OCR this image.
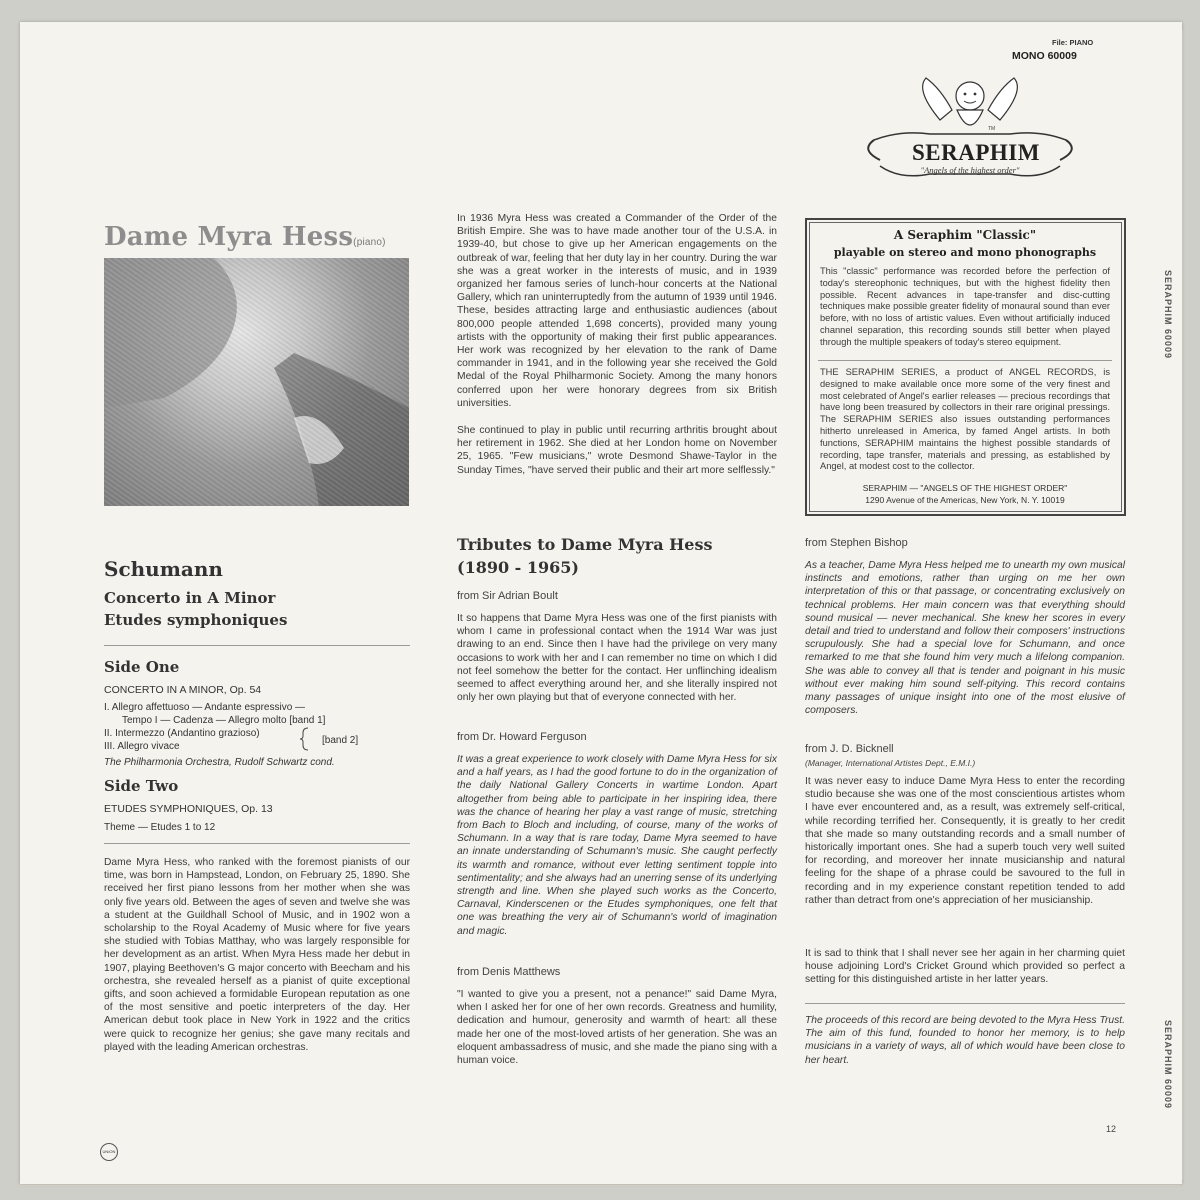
SERAPHIM 60009
SERAPHIM 60009
File: PIANO
MONO 60009
SERAPHIM
"Angels of the highest order"
TM
Dame Myra Hess(piano)
In 1936 Myra Hess was created a Commander of the Order of the British Empire. She was to have made another tour of the U.S.A. in 1939-40, but chose to give up her American engagements on the outbreak of war, feeling that her duty lay in her country. During the war she was a great worker in the interests of music, and in 1939 organized her famous series of lunch-hour concerts at the National Gallery, which ran uninterruptedly from the autumn of 1939 until 1946. These, besides attracting large and enthusiastic audiences (about 800,000 people attended 1,698 concerts), provided many young artists with the opportunity of making their first public appearances. Her work was recognized by her elevation to the rank of Dame commander in 1941, and in the following year she received the Gold Medal of the Royal Philharmonic Society. Among the many honors conferred upon her were honorary degrees from six British universities.
She continued to play in public until recurring arthritis brought about her retirement in 1962. She died at her London home on November 25, 1965. "Few musicians," wrote Desmond Shawe-Taylor in the Sunday Times, "have served their public and their art more selflessly."
A Seraphim "Classic"
playable on stereo and mono phonographs
This "classic" performance was recorded before the perfection of today's stereophonic techniques, but with the highest fidelity then possible. Recent advances in tape-transfer and disc-cutting techniques make possible greater fidelity of monaural sound than ever before, with no loss of artistic values. Even without artificially induced channel separation, this recording sounds still better when played through the multiple speakers of today's stereo equipment.
THE SERAPHIM SERIES, a product of ANGEL RECORDS, is designed to make available once more some of the very finest and most celebrated of Angel's earlier releases — precious recordings that have long been treasured by collectors in their rare original pressings. The SERAPHIM SERIES also issues outstanding performances hitherto unreleased in America, by famed Angel artists. In both functions, SERAPHIM maintains the highest possible standards of recording, tape transfer, materials and pressing, as established by Angel, at modest cost to the collector.
SERAPHIM — "ANGELS OF THE HIGHEST ORDER"
1290 Avenue of the Americas, New York, N. Y. 10019
Schumann
Concerto in A Minor
Etudes symphoniques
Side One
CONCERTO IN A MINOR, Op. 54
I. Allegro affettuoso — Andante espressivo —
Tempo I — Cadenza — Allegro molto [band 1]
II. Intermezzo (Andantino grazioso)
III. Allegro vivace
[band 2]
The Philharmonia Orchestra, Rudolf Schwartz cond.
Side Two
ETUDES SYMPHONIQUES, Op. 13
Theme — Etudes 1 to 12
Dame Myra Hess, who ranked with the foremost pianists of our time, was born in Hampstead, London, on February 25, 1890. She received her first piano lessons from her mother when she was only five years old. Between the ages of seven and twelve she was a student at the Guildhall School of Music, and in 1902 won a scholarship to the Royal Academy of Music where for five years she studied with Tobias Matthay, who was largely responsible for her development as an artist. When Myra Hess made her debut in 1907, playing Beethoven's G major concerto with Beecham and his orchestra, she revealed herself as a pianist of quite exceptional gifts, and soon achieved a formidable European reputation as one of the most sensitive and poetic interpreters of the day. Her American debut took place in New York in 1922 and the critics were quick to recognize her genius; she gave many recitals and played with the leading American orchestras.
Tributes to Dame Myra Hess
(1890 - 1965)
from Sir Adrian Boult
It so happens that Dame Myra Hess was one of the first pianists with whom I came in professional contact when the 1914 War was just drawing to an end. Since then I have had the privilege on very many occasions to work with her and I can remember no time on which I did not feel somehow the better for the contact. Her unflinching idealism seemed to affect everything around her, and she literally inspired not only her own playing but that of everyone connected with her.
from Dr. Howard Ferguson
It was a great experience to work closely with Dame Myra Hess for six and a half years, as I had the good fortune to do in the organization of the daily National Gallery Concerts in wartime London. Apart altogether from being able to participate in her inspiring idea, there was the chance of hearing her play a vast range of music, stretching from Bach to Bloch and including, of course, many of the works of Schumann. In a way that is rare today, Dame Myra seemed to have an innate understanding of Schumann's music. She caught perfectly its warmth and romance, without ever letting sentiment topple into sentimentality; and she always had an unerring sense of its underlying strength and line. When she played such works as the Concerto, Carnaval, Kinderscenen or the Etudes symphoniques, one felt that one was breathing the very air of Schumann's world of imagination and magic.
from Denis Matthews
"I wanted to give you a present, not a penance!" said Dame Myra, when I asked her for one of her own records. Greatness and humility, dedication and humour, generosity and warmth of heart: all these made her one of the most-loved artists of her generation. She was an eloquent ambassadress of music, and she made the piano sing with a human voice.
from Stephen Bishop
As a teacher, Dame Myra Hess helped me to unearth my own musical instincts and emotions, rather than urging on me her own interpretation of this or that passage, or concentrating exclusively on technical problems. Her main concern was that everything should sound musical — never mechanical. She knew her scores in every detail and tried to understand and follow their composers' instructions scrupulously. She had a special love for Schumann, and once remarked to me that she found him very much a lifelong companion. She was able to convey all that is tender and poignant in his music without ever making him sound self-pitying. This record contains many passages of unique insight into one of the most elusive of composers.
from J. D. Bicknell
(Manager, International Artistes Dept., E.M.I.)
It was never easy to induce Dame Myra Hess to enter the recording studio because she was one of the most conscientious artistes whom I have ever encountered and, as a result, was extremely self-critical, while recording terrified her. Consequently, it is greatly to her credit that she made so many outstanding records and a small number of historically important ones. She had a superb touch very well suited for recording, and moreover her innate musicianship and natural feeling for the shape of a phrase could be savoured to the full in recording and in my experience constant repetition tended to add rather than detract from one's appreciation of her musicianship.
It is sad to think that I shall never see her again in her charming quiet house adjoining Lord's Cricket Ground which provided so perfect a setting for this distinguished artiste in her latter years.
The proceeds of this record are being devoted to the Myra Hess Trust. The aim of this fund, founded to honor her memory, is to help musicians in a variety of ways, all of which would have been close to her heart.
12
UNION
